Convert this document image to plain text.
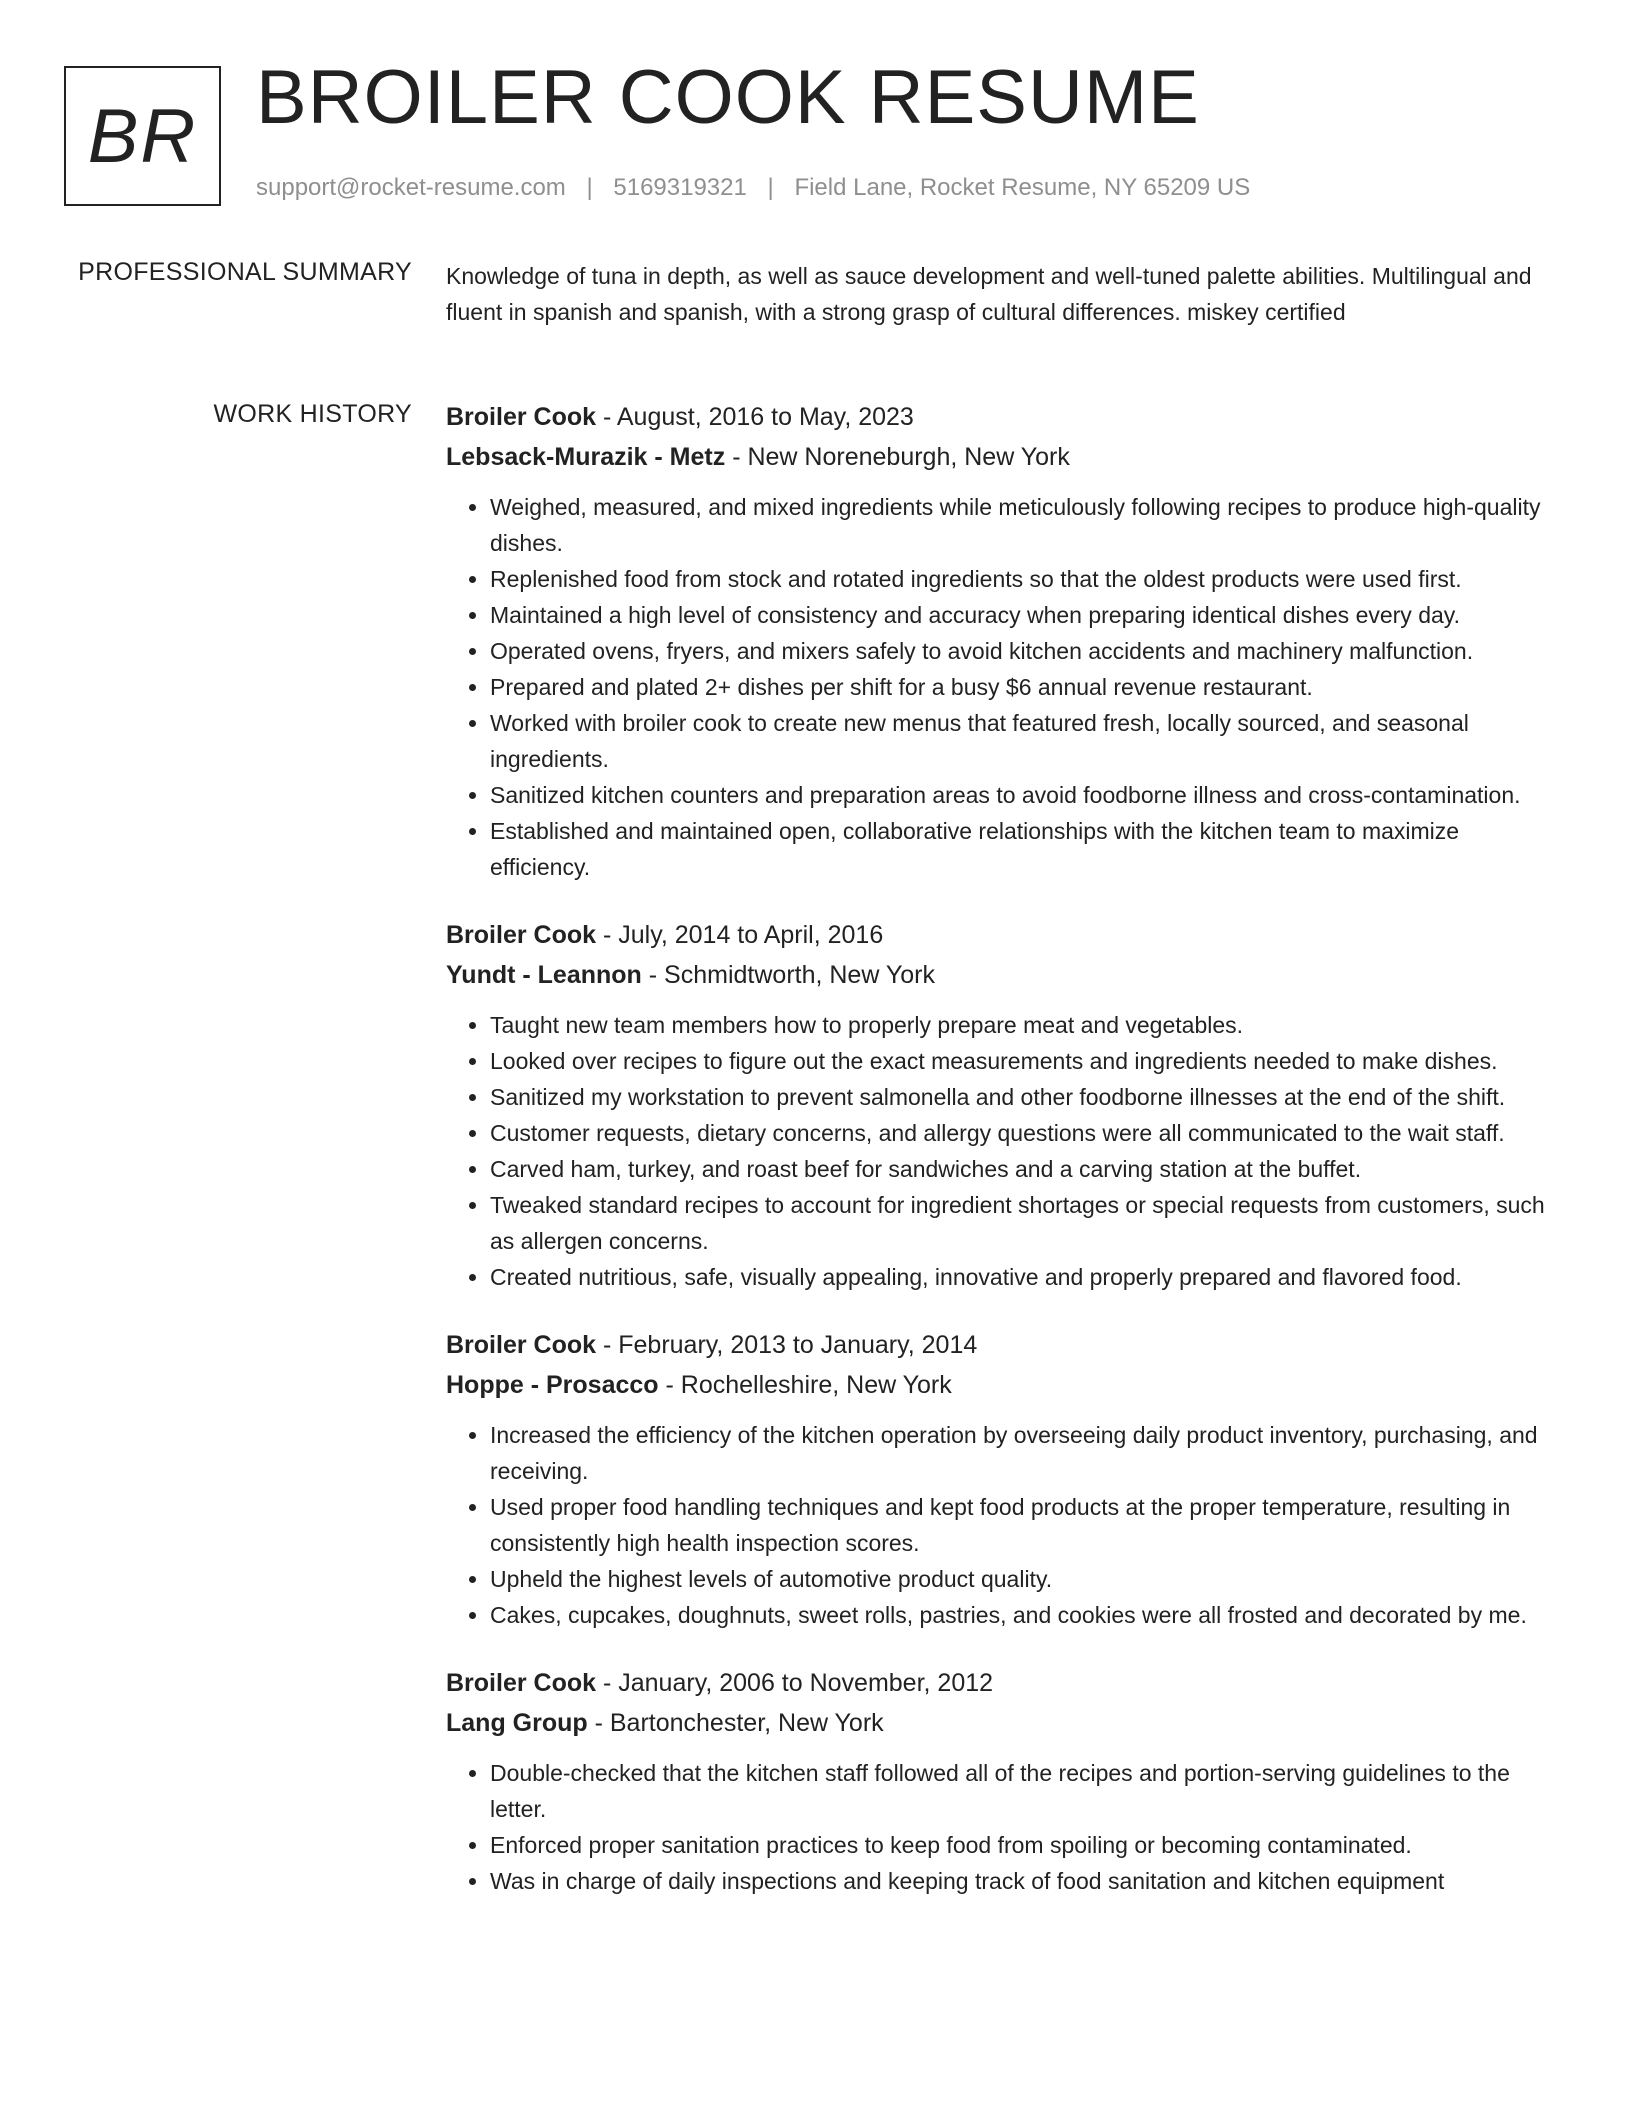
BR BROILER COOK RESUME
support@rocket-resume.com | 5169319321 | Field Lane, Rocket Resume, NY 65209 US
PROFESSIONAL SUMMARY Knowledge of tuna in depth, as well as sauce development and well-tuned palette abilities. Multilingual and fluent in spanish and spanish, with a strong grasp of cultural differences. miskey certified
WORK HISTORY Broiler Cook - August, 2016 to May, 2023
Lebsack-Murazik - Metz - New Noreneburgh, New York
• Weighed, measured, and mixed ingredients while meticulously following recipes to produce high-quality dishes.
• Replenished food from stock and rotated ingredients so that the oldest products were used first.
• Maintained a high level of consistency and accuracy when preparing identical dishes every day.
• Operated ovens, fryers, and mixers safely to avoid kitchen accidents and machinery malfunction.
• Prepared and plated 2+ dishes per shift for a busy $6 annual revenue restaurant.
• Worked with broiler cook to create new menus that featured fresh, locally sourced, and seasonal ingredients.
• Sanitized kitchen counters and preparation areas to avoid foodborne illness and cross-contamination.
• Established and maintained open, collaborative relationships with the kitchen team to maximize efficiency.
Broiler Cook - July, 2014 to April, 2016
Yundt - Leannon - Schmidtworth, New York
• Taught new team members how to properly prepare meat and vegetables.
• Looked over recipes to figure out the exact measurements and ingredients needed to make dishes.
• Sanitized my workstation to prevent salmonella and other foodborne illnesses at the end of the shift.
• Customer requests, dietary concerns, and allergy questions were all communicated to the wait staff.
• Carved ham, turkey, and roast beef for sandwiches and a carving station at the buffet.
• Tweaked standard recipes to account for ingredient shortages or special requests from customers, such as allergen concerns.
• Created nutritious, safe, visually appealing, innovative and properly prepared and flavored food.
Broiler Cook - February, 2013 to January, 2014
Hoppe - Prosacco - Rochelleshire, New York
• Increased the efficiency of the kitchen operation by overseeing daily product inventory, purchasing, and receiving.
• Used proper food handling techniques and kept food products at the proper temperature, resulting in consistently high health inspection scores.
• Upheld the highest levels of automotive product quality.
• Cakes, cupcakes, doughnuts, sweet rolls, pastries, and cookies were all frosted and decorated by me.
Broiler Cook - January, 2006 to November, 2012
Lang Group - Bartonchester, New York
• Double-checked that the kitchen staff followed all of the recipes and portion-serving guidelines to the letter.
• Enforced proper sanitation practices to keep food from spoiling or becoming contaminated.
• Was in charge of daily inspections and keeping track of food sanitation and kitchen equipment
